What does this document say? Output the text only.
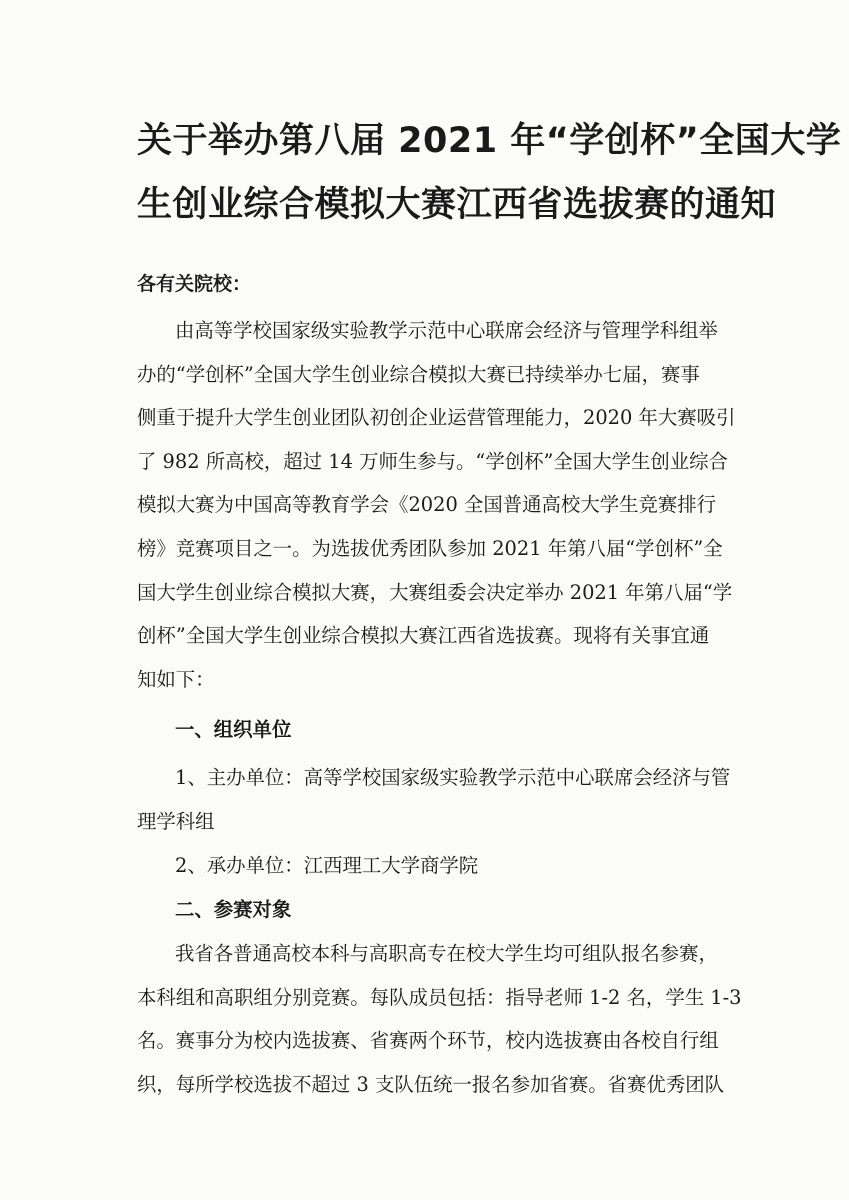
关于举办第八届 2021 年“学创杯”全国大学
生创业综合模拟大赛江西省选拔赛的通知
各有关院校：

由高等学校国家级实验教学示范中心联席会经济与管理学科组举
办的“学创杯”全国大学生创业综合模拟大赛已持续举办七届，赛事
侧重于提升大学生创业团队初创企业运营管理能力，2020 年大赛吸引
了 982 所高校，超过 14 万师生参与。“学创杯”全国大学生创业综合
模拟大赛为中国高等教育学会《2020 全国普通高校大学生竞赛排行
榜》竞赛项目之一。为选拔优秀团队参加 2021 年第八届“学创杯”全
国大学生创业综合模拟大赛，大赛组委会决定举办 2021 年第八届“学
创杯”全国大学生创业综合模拟大赛江西省选拔赛。现将有关事宜通
知如下：

一、组织单位

1、主办单位：高等学校国家级实验教学示范中心联席会经济与管
理学科组

2、承办单位：江西理工大学商学院

二、参赛对象

我省各普通高校本科与高职高专在校大学生均可组队报名参赛，
本科组和高职组分别竞赛。每队成员包括：指导老师 1-2 名，学生 1-3
名。赛事分为校内选拔赛、省赛两个环节，校内选拔赛由各校自行组
织，每所学校选拔不超过 3 支队伍统一报名参加省赛。省赛优秀团队
